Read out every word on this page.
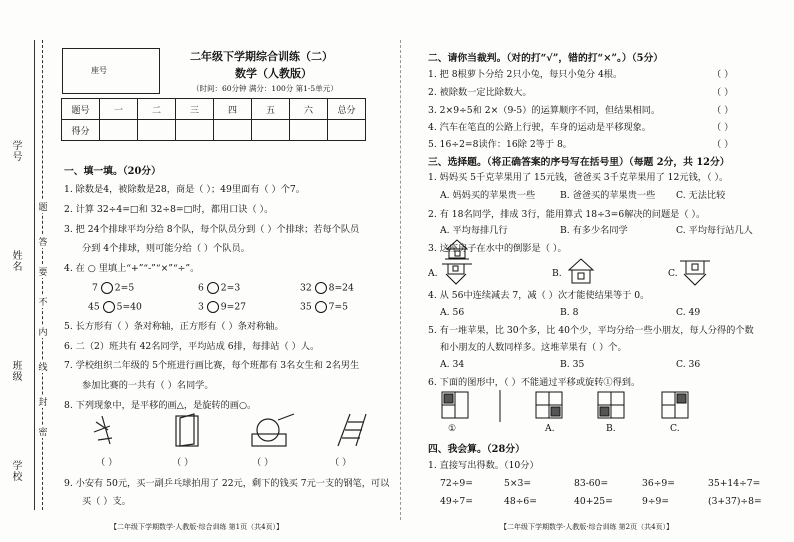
学号
姓名
班级
学校
题
答
要
不
内
线
封
密
座号
二年级下学期综合训练（二）
数学（人教版）
（时间：60分钟 满分：100分 第1-5单元）
题号	一	二	三	四	五	六	总分
得分							
一、填一填。（20分）
1. 除数是4，被除数是28，商是（ ）；49里面有（ ）个7。
2. 计算 32÷4=□和 32÷8=□时，都用口诀（ ）。
3. 把 24个排球平均分给 8个队，每个队员分到（ ）个排球；若每个队员
分到 4个排球，则可能分给（ ）个队员。
4. 在 ○ 里填上“+”“-”“×”“÷”。
7 2=5	6 2=3	32 8=24
45 5=40	3 9=27	35 7=5
5. 长方形有（ ）条对称轴，正方形有（ ）条对称轴。
6. 二（2）班共有 42名同学，平均站成 6排，每排站（ ）人。
7. 学校组织二年级的 5个班进行画比赛，每个班都有 3名女生和 2名男生
参加比赛的一共有（ ）名同学。
8. 下列现象中，是平移的画△，是旋转的画○。
（ ）	（ ）	（ ）	（ ）
9. 小安有 50元，买一副乒乓球拍用了 22元，剩下的钱买 7元一支的钢笔，可以
买（ ）支。
【二年级下学期数学·人教版·综合训练 第1页（共4页）】
二、请你当裁判。（对的打“√”，错的打“×”。）（5分）
1. 把 8根萝卜分给 2只小兔，每只小兔分 4根。
2. 被除数一定比除数大。
3. 2×9÷5和 2×（9-5）的运算顺序不同，但结果相同。
4. 汽车在笔直的公路上行驶，车身的运动是平移现象。
5. 16÷2=8读作：16除 2等于 8。
（ ）
（ ）
（ ）
（ ）
（ ）
三、选择题。（将正确答案的序号写在括号里）（每题 2分，共 12分）
1. 妈妈买 5千克苹果用了 15元钱，爸爸买 3千克苹果用了 12元钱，（ ）。
A. 妈妈买的苹果贵一些	B. 爸爸买的苹果贵一些 C. 无法比较
2. 有 18名同学，排成 3行，能用算式 18÷3=6解决的问题是（ ）。
A. 平均每排几行	B. 有多少名同学	C. 平均每行站几人
3. 这座房子在水中的倒影是（ ）。
A.	B.	C.
4. 从 56中连续减去 7，减（ ）次才能使结果等于 0。
A. 56	B. 8	C. 49
5. 有一堆苹果，比 30个多，比 40个少，平均分给一些小朋友，每人分得的个数
和小朋友的人数同样多。这堆苹果有（ ）个。
A. 34	B. 35	C. 36
6. 下面的图形中，（ ）不能通过平移或旋转①得到。
①	A.	B.	C.
四、我会算。（28分）
1. 直接写出得数。（10分）
72÷9=	5×3=	83-60=	36÷9=	35+14÷7=
49÷7=	48÷6=	40+25=	9÷9=	(3+37)÷8=
【二年级下学期数学·人教版·综合训练 第2页（共4页）】
